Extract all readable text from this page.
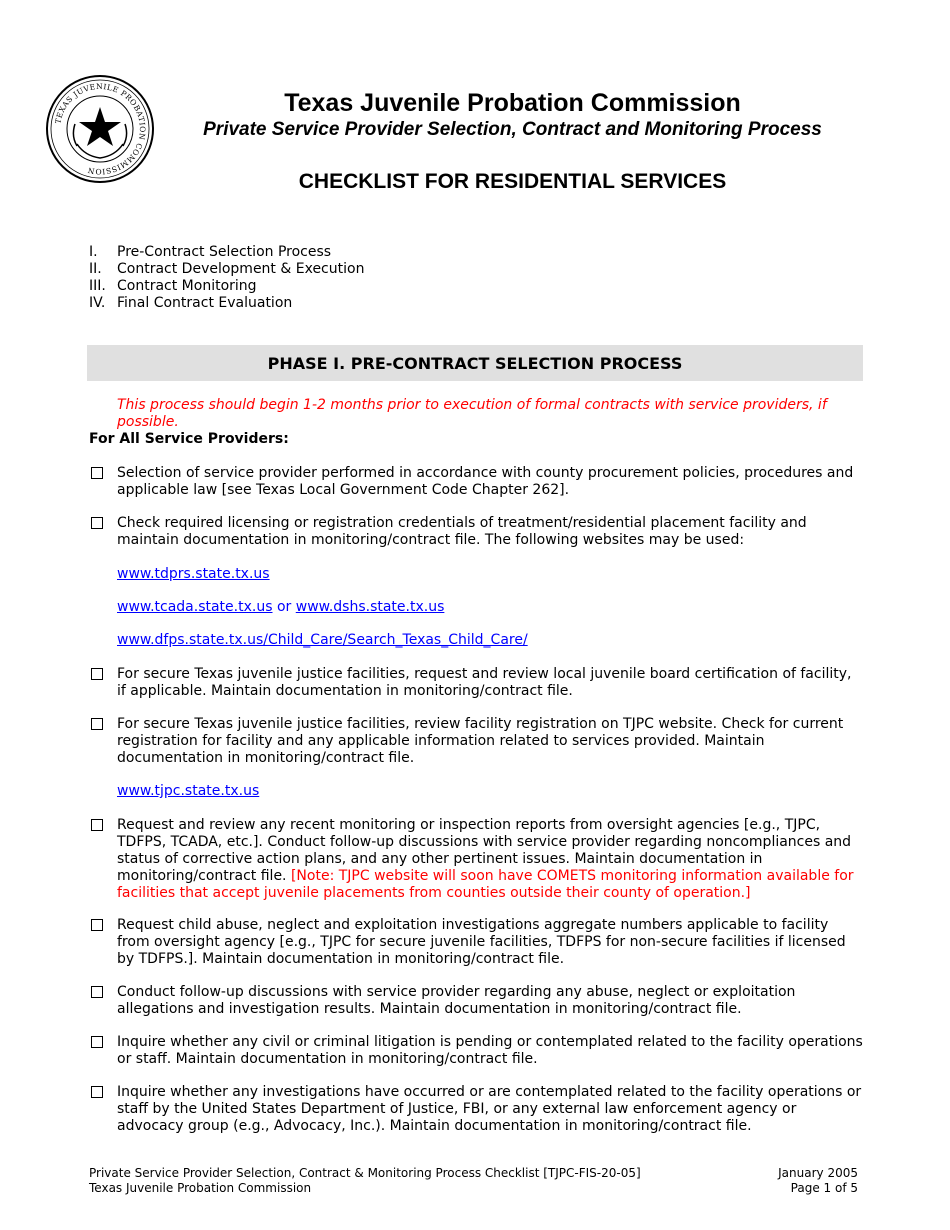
TEXAS JUVENILE PROBATION COMMISSION
Texas Juvenile Probation Commission
Private Service Provider Selection, Contract and Monitoring Process
CHECKLIST FOR RESIDENTIAL SERVICES
I.	Pre-Contract Selection Process
II.	Contract Development & Execution
III. Contract Monitoring
IV. Final Contract Evaluation
PHASE I. PRE-CONTRACT SELECTION PROCESS
This process should begin 1-2 months prior to execution of formal contracts with service providers, if possible.
For All Service Providers:
Selection of service provider performed in accordance with county procurement policies, procedures and applicable law [see Texas Local Government Code Chapter 262].
Check required licensing or registration credentials of treatment/residential placement facility and maintain documentation in monitoring/contract file. The following websites may be used:
www.tdprs.state.tx.us
www.tcada.state.tx.us or www.dshs.state.tx.us
www.dfps.state.tx.us/Child_Care/Search_Texas_Child_Care/
For secure Texas juvenile justice facilities, request and review local juvenile board certification of facility, if applicable. Maintain documentation in monitoring/contract file.
For secure Texas juvenile justice facilities, review facility registration on TJPC website. Check for current registration for facility and any applicable information related to services provided. Maintain documentation in monitoring/contract file.
www.tjpc.state.tx.us
Request and review any recent monitoring or inspection reports from oversight agencies [e.g., TJPC, TDFPS, TCADA, etc.]. Conduct follow-up discussions with service provider regarding noncompliances and status of corrective action plans, and any other pertinent issues. Maintain documentation in monitoring/contract file. [Note: TJPC website will soon have COMETS monitoring information available for facilities that accept juvenile placements from counties outside their county of operation.]
Request child abuse, neglect and exploitation investigations aggregate numbers applicable to facility from oversight agency [e.g., TJPC for secure juvenile facilities, TDFPS for non-secure facilities if licensed by TDFPS.]. Maintain documentation in monitoring/contract file.
Conduct follow-up discussions with service provider regarding any abuse, neglect or exploitation allegations and investigation results. Maintain documentation in monitoring/contract file.
Inquire whether any civil or criminal litigation is pending or contemplated related to the facility operations or staff. Maintain documentation in monitoring/contract file.
Inquire whether any investigations have occurred or are contemplated related to the facility operations or staff by the United States Department of Justice, FBI, or any external law enforcement agency or advocacy group (e.g., Advocacy, Inc.). Maintain documentation in monitoring/contract file.
Private Service Provider Selection, Contract & Monitoring Process Checklist [TJPC-FIS-20-05]
Texas Juvenile Probation Commission
January 2005
Page 1 of 5
